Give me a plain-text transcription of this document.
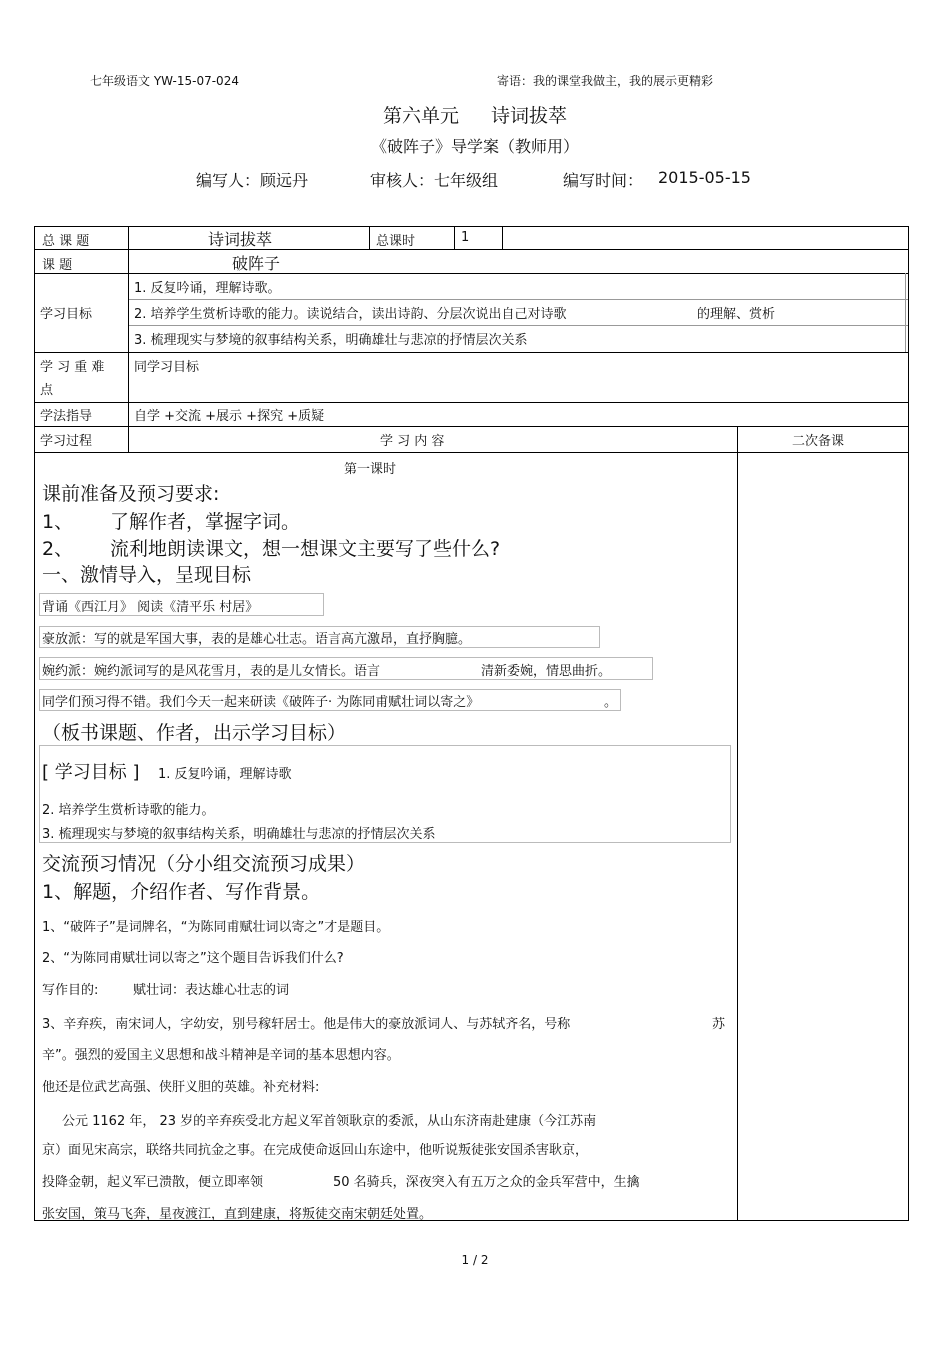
七年级语文 YW-15-07-024	寄语：我的课堂我做主，我的展示更精彩
第六单元 诗词拔萃
《破阵子》导学案（教师用）
编写人：顾远丹	审核人：七年级组	编写时间： 2015-05-15
总 课 题	诗词拔萃	总课时	1
课 题	破阵子
学习目标
1. 反复吟诵，理解诗歌。
2. 培养学生赏析诗歌的能力。读说结合，读出诗韵、分层次说出自己对诗歌	的理解、赏析
3. 梳理现实与梦境的叙事结构关系，明确雄壮与悲凉的抒情层次关系
学 习 重 难
点
同学习目标
学法指导	自学 +交流 +展示 +探究 +质疑
学习过程	学 习 内 容	二次备课
第一课时
课前准备及预习要求:
1、 了解作者，掌握字词。
2、 流利地朗读课文，想一想课文主要写了些什么?
一、激情导入，呈现目标
背诵《西江月》 阅读《清平乐 村居》
豪放派：写的就是军国大事，表的是雄心壮志。语言高亢激昂，直抒胸臆。
婉约派：婉约派词写的是风花雪月，表的是儿女情长。语言	清新委婉，情思曲折。
同学们预习得不错。我们今天一起来研读《破阵子· 为陈同甫赋壮词以寄之》	。
（板书课题、作者，出示学习目标）
[ 学习目标 ] 1. 反复吟诵，理解诗歌
2. 培养学生赏析诗歌的能力。
3. 梳理现实与梦境的叙事结构关系，明确雄壮与悲凉的抒情层次关系
交流预习情况（分小组交流预习成果）
1、解题，介绍作者、写作背景。
1、“破阵子”是词牌名，“为陈同甫赋壮词以寄之”才是题目。
2、“为陈同甫赋壮词以寄之”这个题目告诉我们什么?
写作目的:	赋壮词：表达雄心壮志的词
3、辛弃疾，南宋词人，字幼安，别号稼轩居士。他是伟大的豪放派词人、与苏轼齐名，号称	苏
辛”。强烈的爱国主义思想和战斗精神是辛词的基本思想内容。
他还是位武艺高强、侠肝义胆的英雄。补充材料:
公元 1162 年， 23 岁的辛弃疾受北方起义军首领耿京的委派，从山东济南赴建康（今江苏南
京）面见宋高宗，联络共同抗金之事。在完成使命返回山东途中，他听说叛徒张安国杀害耿京，
投降金朝，起义军已溃散，便立即率领	50 名骑兵，深夜突入有五万之众的金兵军营中，生擒
张安国，策马飞奔，星夜渡江，直到建康，将叛徒交南宋朝廷处置。
1 / 2
